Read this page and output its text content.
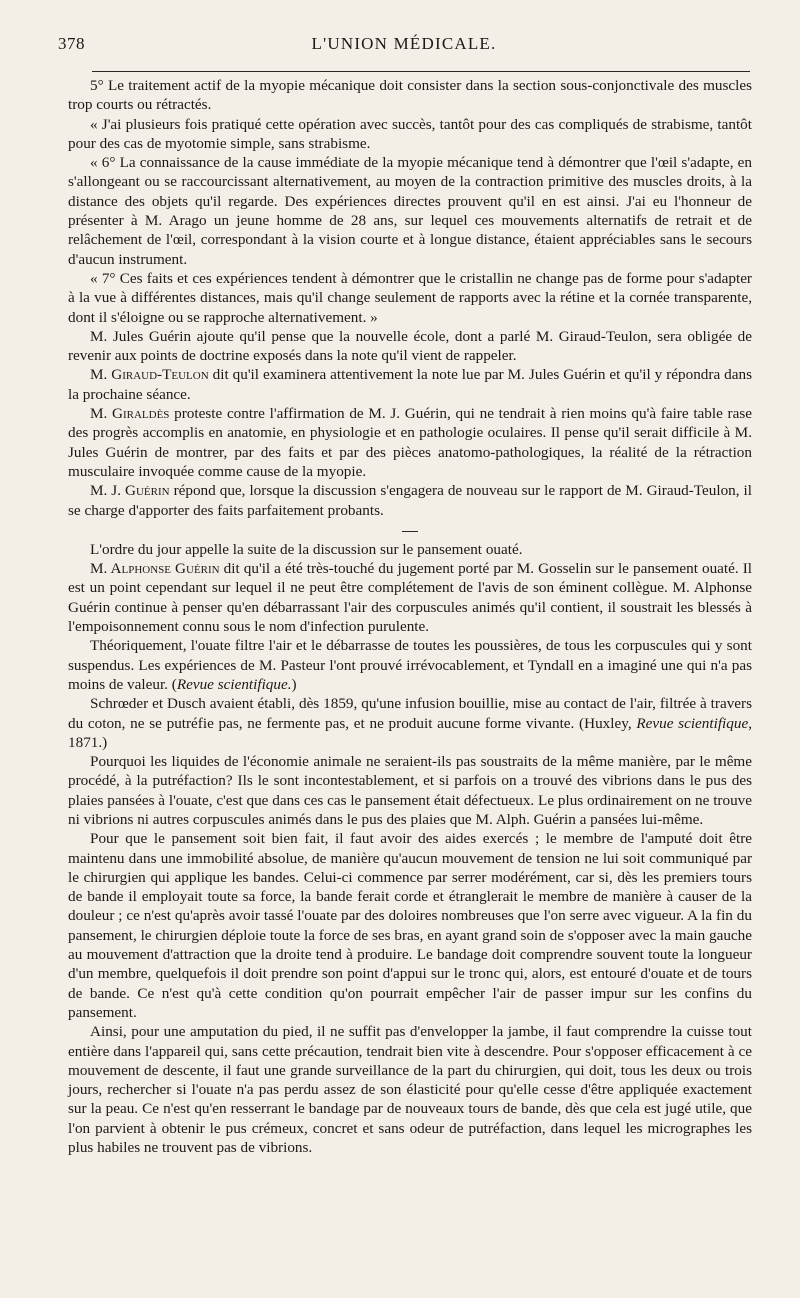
378	L'UNION MÉDICALE.

5° Le traitement actif de la myopie mécanique doit consister dans la section sous-conjonctivale des muscles trop courts ou rétractés.

« J'ai plusieurs fois pratiqué cette opération avec succès, tantôt pour des cas compliqués de strabisme, tantôt pour des cas de myotomie simple, sans strabisme.

« 6° La connaissance de la cause immédiate de la myopie mécanique tend à démontrer que l'œil s'adapte, en s'allongeant ou se raccourcissant alternativement, au moyen de la contraction primitive des muscles droits, à la distance des objets qu'il regarde. Des expériences directes prouvent qu'il en est ainsi. J'ai eu l'honneur de présenter à M. Arago un jeune homme de 28 ans, sur lequel ces mouvements alternatifs de retrait et de relâchement de l'œil, correspondant à la vision courte et à longue distance, étaient appréciables sans le secours d'aucun instrument.

« 7° Ces faits et ces expériences tendent à démontrer que le cristallin ne change pas de forme pour s'adapter à la vue à différentes distances, mais qu'il change seulement de rapports avec la rétine et la cornée transparente, dont il s'éloigne ou se rapproche alternativement. »

M. Jules Guérin ajoute qu'il pense que la nouvelle école, dont a parlé M. Giraud-Teulon, sera obligée de revenir aux points de doctrine exposés dans la note qu'il vient de rappeler.

M. Giraud-Teulon dit qu'il examinera attentivement la note lue par M. Jules Guérin et qu'il y répondra dans la prochaine séance.

M. Giraldès proteste contre l'affirmation de M. J. Guérin, qui ne tendrait à rien moins qu'à faire table rase des progrès accomplis en anatomie, en physiologie et en pathologie oculaires. Il pense qu'il serait difficile à M. Jules Guérin de montrer, par des faits et par des pièces anatomo-pathologiques, la réalité de la rétraction musculaire invoquée comme cause de la myopie.

M. J. Guérin répond que, lorsque la discussion s'engagera de nouveau sur le rapport de M. Giraud-Teulon, il se charge d'apporter des faits parfaitement probants.

L'ordre du jour appelle la suite de la discussion sur le pansement ouaté.

M. Alphonse Guérin dit qu'il a été très-touché du jugement porté par M. Gosselin sur le pansement ouaté. Il est un point cependant sur lequel il ne peut être complétement de l'avis de son éminent collègue. M. Alphonse Guérin continue à penser qu'en débarrassant l'air des corpuscules animés qu'il contient, il soustrait les blessés à l'empoisonnement connu sous le nom d'infection purulente.

Théoriquement, l'ouate filtre l'air et le débarrasse de toutes les poussières, de tous les corpuscules qui y sont suspendus. Les expériences de M. Pasteur l'ont prouvé irrévocablement, et Tyndall en a imaginé une qui n'a pas moins de valeur. (Revue scientifique.)

Schrœder et Dusch avaient établi, dès 1859, qu'une infusion bouillie, mise au contact de l'air, filtrée à travers du coton, ne se putréfie pas, ne fermente pas, et ne produit aucune forme vivante. (Huxley, Revue scientifique, 1871.)

Pourquoi les liquides de l'économie animale ne seraient-ils pas soustraits de la même manière, par le même procédé, à la putréfaction? Ils le sont incontestablement, et si parfois on a trouvé des vibrions dans le pus des plaies pansées à l'ouate, c'est que dans ces cas le pansement était défectueux. Le plus ordinairement on ne trouve ni vibrions ni autres corpuscules animés dans le pus des plaies que M. Alph. Guérin a pansées lui-même.

Pour que le pansement soit bien fait, il faut avoir des aides exercés ; le membre de l'amputé doit être maintenu dans une immobilité absolue, de manière qu'aucun mouvement de tension ne lui soit communiqué par le chirurgien qui applique les bandes. Celui-ci commence par serrer modérément, car si, dès les premiers tours de bande il employait toute sa force, la bande ferait corde et étranglerait le membre de manière à causer de la douleur ; ce n'est qu'après avoir tassé l'ouate par des doloires nombreuses que l'on serre avec vigueur. A la fin du pansement, le chirurgien déploie toute la force de ses bras, en ayant grand soin de s'opposer avec la main gauche au mouvement d'attraction que la droite tend à produire. Le bandage doit comprendre souvent toute la longueur d'un membre, quelquefois il doit prendre son point d'appui sur le tronc qui, alors, est entouré d'ouate et de tours de bande. Ce n'est qu'à cette condition qu'on pourrait empêcher l'air de passer impur sur les confins du pansement.

Ainsi, pour une amputation du pied, il ne suffit pas d'envelopper la jambe, il faut comprendre la cuisse tout entière dans l'appareil qui, sans cette précaution, tendrait bien vite à descendre. Pour s'opposer efficacement à ce mouvement de descente, il faut une grande surveillance de la part du chirurgien, qui doit, tous les deux ou trois jours, rechercher si l'ouate n'a pas perdu assez de son élasticité pour qu'elle cesse d'être appliquée exactement sur la peau. Ce n'est qu'en resserrant le bandage par de nouveaux tours de bande, dès que cela est jugé utile, que l'on parvient à obtenir le pus crémeux, concret et sans odeur de putréfaction, dans lequel les micrographes les plus habiles ne trouvent pas de vibrions.
